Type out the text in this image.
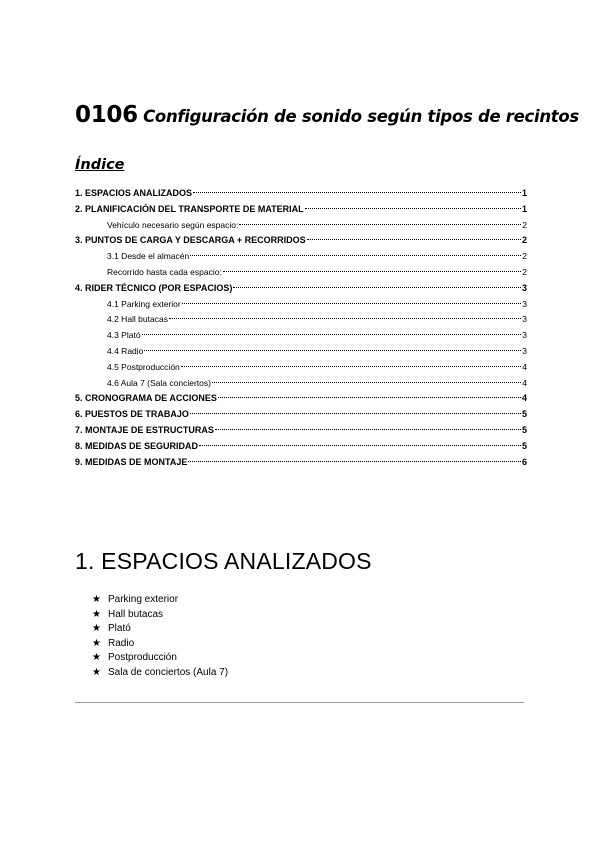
0106 Configuración de sonido según tipos de recintos
Índice
1. ESPACIOS ANALIZADOS	1
2. PLANIFICACIÓN DEL TRANSPORTE DE MATERIAL	1
Vehículo necesario según espacio:	2
3. PUNTOS DE CARGA Y DESCARGA + RECORRIDOS	2
3.1 Desde el almacén	2
Recorrido hasta cada espacio:	2
4. RIDER TÉCNICO (POR ESPACIOS)	3
4.1 Parking exterior	3
4.2 Hall butacas	3
4.3 Plató	3
4.4 Radio	3
4.5 Postproducción	4
4.6 Aula 7 (Sala conciertos)	4
5. CRONOGRAMA DE ACCIONES	4
6. PUESTOS DE TRABAJO	5
7. MONTAJE DE ESTRUCTURAS	5
8. MEDIDAS DE SEGURIDAD	5
9. MEDIDAS DE MONTAJE	6
1. ESPACIOS ANALIZADOS
★ Parking exterior
★ Hall butacas
★ Plató
★ Radio
★ Postproducción
★ Sala de conciertos (Aula 7)
